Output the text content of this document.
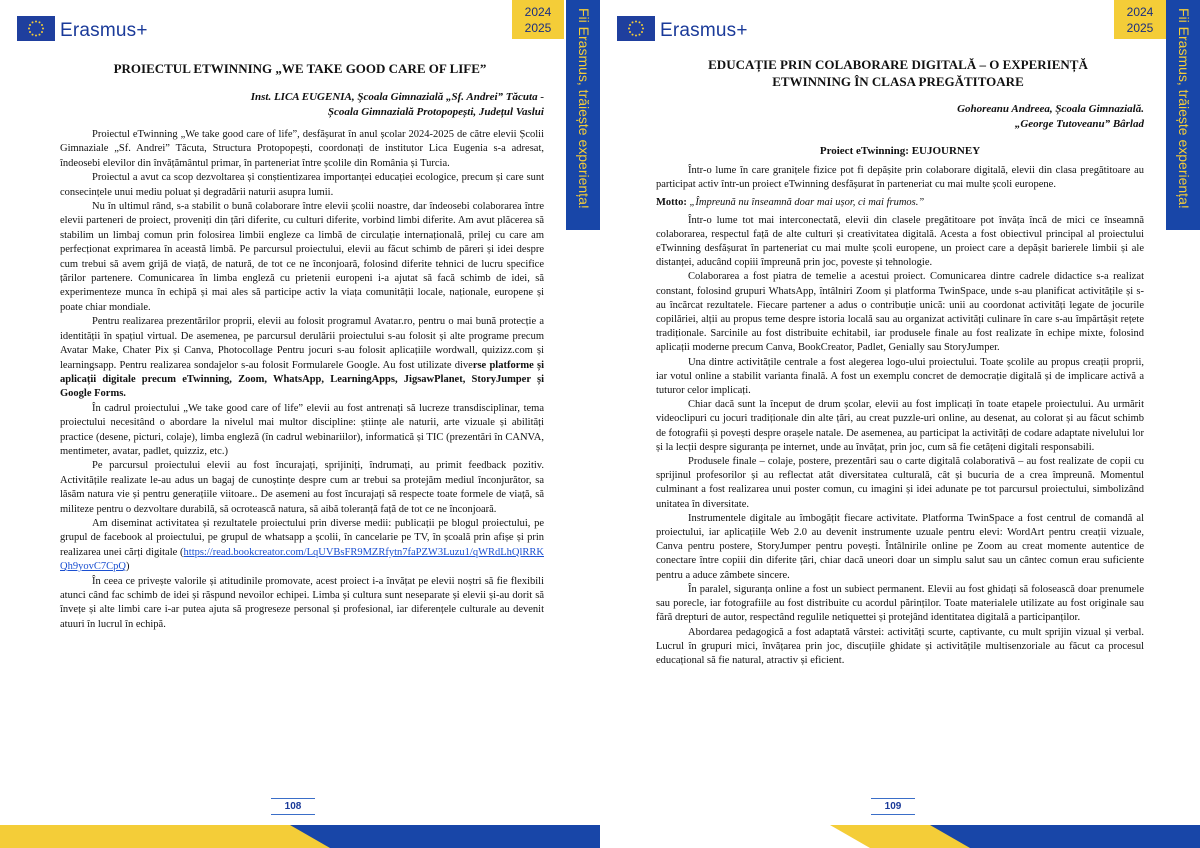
Erasmus+
2024
2025	Fii Erasmus, trăiește experiența!
PROIECTUL ETWINNING „WE TAKE GOOD CARE OF LIFE”
Inst. LICA EUGENIA, Şcoala Gimnazială „Sf. Andrei” Tăcuta -
Școala Gimnazială Protopopești, Județul Vaslui

Proiectul eTwinning „We take good care of life”, desfășurat în anul școlar 2024-2025 de către elevii Școlii Gimnaziale „Sf. Andrei” Tăcuta, Structura Protopopești, coordonați de institutor Lica Eugenia s-a adresat, îndeosebi elevilor din învățământul primar, în parteneriat între școlile din România și Turcia.

Proiectul a avut ca scop dezvoltarea și conștientizarea importanței educației ecologice, precum și care sunt consecințele unui mediu poluat și degradării naturii asupra lumii.

Nu în ultimul rând, s-a stabilit o bună colaborare între elevii școlii noastre, dar îndeosebi colaborarea între elevii parteneri de proiect, proveniți din țări diferite, cu culturi diferite, vorbind limbi diferite. Am avut plăcerea să stabilim un limbaj comun prin folosirea limbii engleze ca limbă de circulație internațională, prilej cu care am perfecționat exprimarea în această limbă. Pe parcursul proiectului, elevii au făcut schimb de păreri și idei despre cum trebui să avem grijă de viață, de natură, de tot ce ne înconjoară, folosind diferite tehnici de lucru specifice țărilor partenere. Comunicarea în limba engleză cu prietenii europeni i-a ajutat să facă schimb de idei, să experimenteze munca în echipă și mai ales să participe activ la viața comunității locale, naționale, europene și poate chiar mondiale.

Pentru realizarea prezentărilor proprii, elevii au folosit programul Avatar.ro, pentru o mai bună protecție a identității în spațiul virtual. De asemenea, pe parcursul derulării proiectului s-au folosit și alte programe precum Avatar Make, Chater Pix și Canva, Photocollage Pentru jocuri s-au folosit aplicațiile wordwall, quizizz.com și learningsapp. Pentru realizarea sondajelor s-au folosit Formularele Google. Au fost utilizate diverse platforme și aplicații digitale precum eTwinning, Zoom, WhatsApp, LearningApps, JigsawPlanet, StoryJumper și Google Forms.

În cadrul proiectului „We take good care of life” elevii au fost antrenați să lucreze transdisciplinar, tema proiectului necesitând o abordare la nivelul mai multor discipline: științe ale naturii, arte vizuale și abilități practice (desene, picturi, colaje), limba engleză (în cadrul webinariilor), informatică și TIC (prezentări în CANVA, mentimeter, avatar, padlet, quizziz, etc.)

Pe parcursul proiectului elevii au fost încurajați, sprijiniți, îndrumați, au primit feedback pozitiv. Activitățile realizate le-au adus un bagaj de cunoștințe despre cum ar trebui sa protejăm mediul înconjurător, sa lăsăm natura vie și pentru generațiile viitoare.. De asemeni au fost încurajați să respecte toate formele de viață, să militeze pentru o dezvoltare durabilă, să ocrotească natura, să aibă toleranță față de tot ce ne înconjoară.

Am diseminat activitatea și rezultatele proiectului prin diverse medii: publicații pe blogul proiectului, pe grupul de facebook al proiectului, pe grupul de whatsapp a școlii, în cancelarie pe TV, în școală prin afișe și prin realizarea unei cărți digitale (https://read.bookcreator.com/LqUVBsFR9MZRfytn7faPZW3Luzu1/qWRdLhQlRRKQh9yovC7CpQ)

În ceea ce privește valorile și atitudinile promovate, acest proiect i-a învățat pe elevii noștri să fie flexibili atunci când fac schimb de idei și răspund nevoilor echipei. Limba și cultura sunt neseparate și elevii și-au dorit să învețe și alte limbi care i-ar putea ajuta să progreseze personal și profesional, iar diferențele culturale au devenit atuuri în lucrul în echipă.

108
Erasmus+
2024
2025	Fii Erasmus, trăiește experiența!
EDUCAȚIE PRIN COLABORARE DIGITALĂ – O EXPERIENȚĂ
ETWINNING ÎN CLASA PREGĂTITOARE
Gohoreanu Andreea, Școala Gimnazială.
„George Tutoveanu” Bârlad
Proiect eTwinning: EUJOURNEY

Într-o lume în care granițele fizice pot fi depășite prin colaborare digitală, elevii din clasa pregătitoare au participat activ într-un proiect eTwinning desfășurat în parteneriat cu mai multe școli europene.

Motto: „Împreună nu înseamnă doar mai ușor, ci mai frumos.”

Într-o lume tot mai interconectată, elevii din clasele pregătitoare pot învăța încă de mici ce înseamnă colaborarea, respectul față de alte culturi și creativitatea digitală. Acesta a fost obiectivul principal al proiectului eTwinning desfășurat în parteneriat cu mai multe școli europene, un proiect care a depășit barierele limbii și ale distanței, aducând copiii împreună prin joc, poveste și tehnologie.

Colaborarea a fost piatra de temelie a acestui proiect. Comunicarea dintre cadrele didactice s-a realizat constant, folosind grupuri WhatsApp, întâlniri Zoom și platforma TwinSpace, unde s-au planificat activitățile și s-au încărcat rezultatele. Fiecare partener a adus o contribuție unică: unii au coordonat activități legate de jocurile copilăriei, alții au propus teme despre istoria locală sau au organizat activități culinare în care s-au împărtășit rețete tradiționale. Sarcinile au fost distribuite echitabil, iar produsele finale au fost realizate în echipe mixte, folosind aplicații moderne precum Canva, BookCreator, Padlet, Genially sau StoryJumper.

Una dintre activitățile centrale a fost alegerea logo-ului proiectului. Toate școlile au propus creații proprii, iar votul online a stabilit varianta finală. A fost un exemplu concret de democrație digitală și de implicare activă a tuturor celor implicați.

Chiar dacă sunt la început de drum școlar, elevii au fost implicați în toate etapele proiectului. Au urmărit videoclipuri cu jocuri tradiționale din alte țări, au creat puzzle-uri online, au desenat, au colorat și au făcut schimb de fotografii și povești despre orașele natale. De asemenea, au participat la activități de codare adaptate nivelului lor și la lecții despre siguranța pe internet, unde au învățat, prin joc, cum să fie cetățeni digitali responsabili.

Produsele finale – colaje, postere, prezentări sau o carte digitală colaborativă – au fost realizate de copii cu sprijinul profesorilor și au reflectat atât diversitatea culturală, cât și bucuria de a crea împreună. Momentul culminant a fost realizarea unui poster comun, cu imagini și idei adunate pe tot parcursul proiectului, simbolizând unitatea în diversitate.

Instrumentele digitale au îmbogățit fiecare activitate. Platforma TwinSpace a fost centrul de comandă al proiectului, iar aplicațiile Web 2.0 au devenit instrumente uzuale pentru elevi: WordArt pentru creații vizuale, Canva pentru postere, StoryJumper pentru povești. Întâlnirile online pe Zoom au creat momente autentice de conectare între copiii din diferite țări, chiar dacă uneori doar un simplu salut sau un cântec comun erau suficiente pentru a aduce zâmbete sincere.

În paralel, siguranța online a fost un subiect permanent. Elevii au fost ghidați să folosească doar prenumele sau porecle, iar fotografiile au fost distribuite cu acordul părinților. Toate materialele utilizate au fost originale sau fără drepturi de autor, respectând regulile netiquettei și protejând identitatea digitală a participanților.

Abordarea pedagogică a fost adaptată vârstei: activități scurte, captivante, cu mult sprijin vizual și verbal. Lucrul în grupuri mici, învățarea prin joc, discuțiile ghidate și activitățile multisenzoriale au făcut ca procesul educațional să fie natural, atractiv și eficient.

109
